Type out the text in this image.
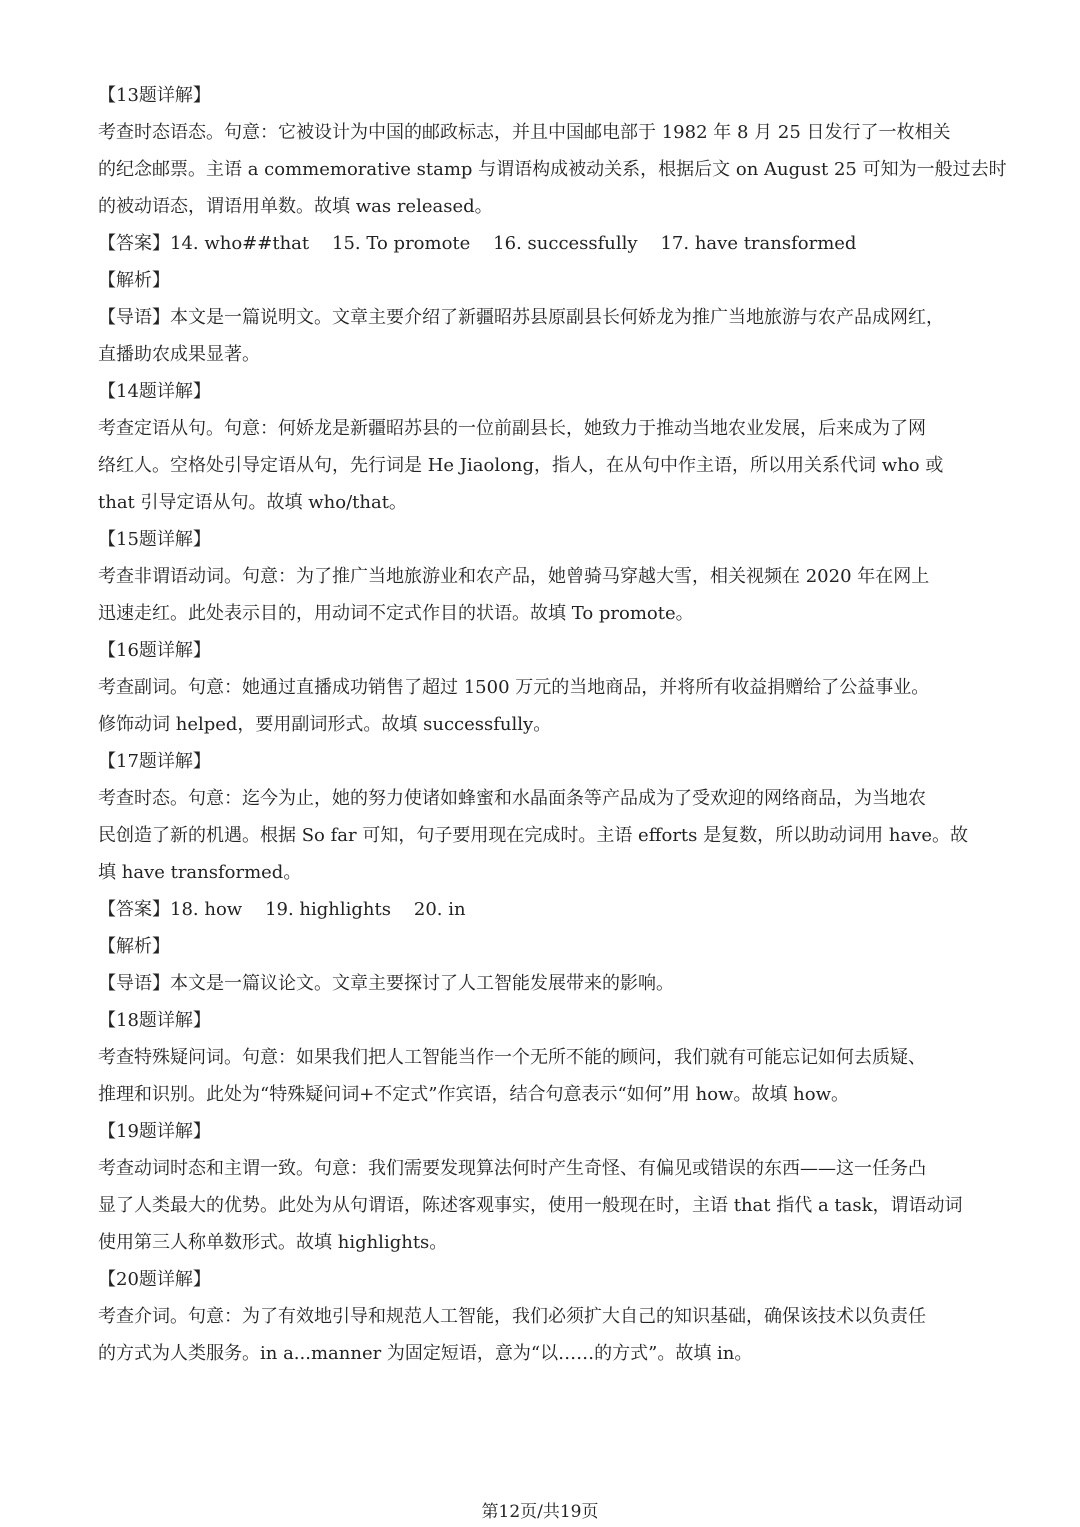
【13题详解】
考查时态语态。句意：它被设计为中国的邮政标志，并且中国邮电部于 1982 年 8 月 25 日发行了一枚相关
的纪念邮票。主语 a commemorative stamp 与谓语构成被动关系，根据后文 on August 25 可知为一般过去时
的被动语态，谓语用单数。故填 was released。
【答案】14. who##that    15. To promote    16. successfully    17. have transformed
【解析】
【导语】本文是一篇说明文。文章主要介绍了新疆昭苏县原副县长何娇龙为推广当地旅游与农产品成网红，
直播助农成果显著。
【14题详解】
考查定语从句。句意：何娇龙是新疆昭苏县的一位前副县长，她致力于推动当地农业发展，后来成为了网
络红人。空格处引导定语从句，先行词是 He Jiaolong，指人，在从句中作主语，所以用关系代词 who 或
that 引导定语从句。故填 who/that。
【15题详解】
考查非谓语动词。句意：为了推广当地旅游业和农产品，她曾骑马穿越大雪，相关视频在 2020 年在网上
迅速走红。此处表示目的，用动词不定式作目的状语。故填 To promote。
【16题详解】
考查副词。句意：她通过直播成功销售了超过 1500 万元的当地商品，并将所有收益捐赠给了公益事业。
修饰动词 helped，要用副词形式。故填 successfully。
【17题详解】
考查时态。句意：迄今为止，她的努力使诸如蜂蜜和水晶面条等产品成为了受欢迎的网络商品，为当地农
民创造了新的机遇。根据 So far 可知，句子要用现在完成时。主语 efforts 是复数，所以助动词用 have。故
填 have transformed。
【答案】18. how    19. highlights    20. in
【解析】
【导语】本文是一篇议论文。文章主要探讨了人工智能发展带来的影响。
【18题详解】
考查特殊疑问词。句意：如果我们把人工智能当作一个无所不能的顾问，我们就有可能忘记如何去质疑、
推理和识别。此处为“特殊疑问词+不定式”作宾语，结合句意表示“如何”用 how。故填 how。
【19题详解】
考查动词时态和主谓一致。句意：我们需要发现算法何时产生奇怪、有偏见或错误的东西——这一任务凸
显了人类最大的优势。此处为从句谓语，陈述客观事实，使用一般现在时，主语 that 指代 a task，谓语动词
使用第三人称单数形式。故填 highlights。
【20题详解】
考查介词。句意：为了有效地引导和规范人工智能，我们必须扩大自己的知识基础，确保该技术以负责任
的方式为人类服务。in a...manner 为固定短语，意为“以……的方式”。故填 in。
第12页/共19页
